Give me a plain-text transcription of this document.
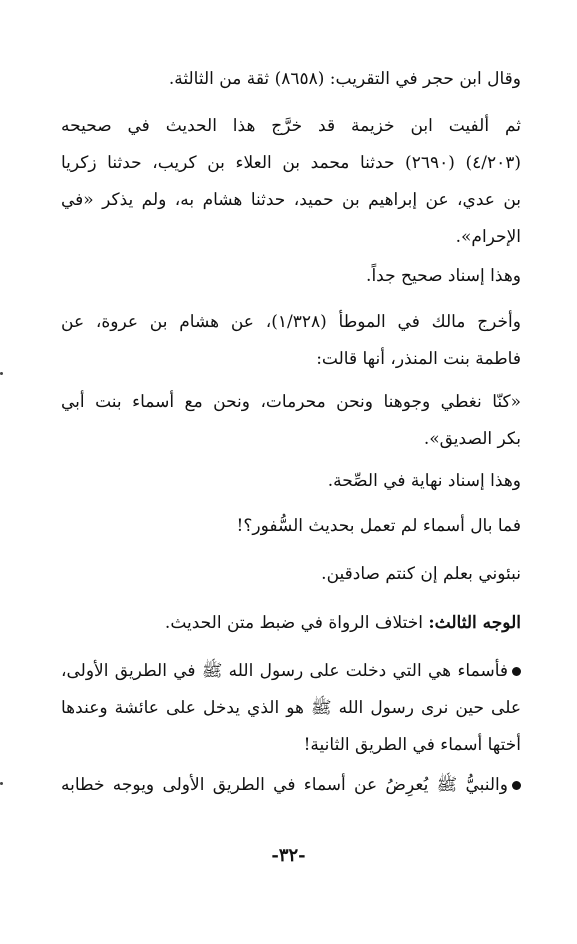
وقال ابن حجر في التقريب: (٨٦٥٨) ثقة من الثالثة.
ثم ألفيت ابن خزيمة قد خرَّج هذا الحديث في صحيحه
(٤/٢٠٣) (٢٦٩٠) حدثنا محمد بن العلاء بن كريب، حدثنا زكريا
بن عدي، عن إبراهيم بن حميد، حدثنا هشام به، ولم يذكر «في
الإحرام».
وهذا إسناد صحيح جداً.
وأخرج مالك في الموطأ (١/٣٢٨)، عن هشام بن عروة، عن
فاطمة بنت المنذر، أنها قالت:
«كنّا نغطي وجوهنا ونحن محرمات، ونحن مع أسماء بنت أبي
بكر الصديق».
وهذا إسناد نهاية في الصِّحة.
فما بال أسماء لم تعمل بحديث السُّفور؟!
نبئوني بعلم إن كنتم صادقين.
الوجه الثالث: اختلاف الرواة في ضبط متن الحديث.
فأسماء هي التي دخلت على رسول الله ﷺ في الطريق الأولى،
على حين نرى رسول الله ﷺ هو الذي يدخل على عائشة وعندها
أختها أسماء في الطريق الثانية!
والنبيُّ ﷺ يُعرِضُ عن أسماء في الطريق الأولى ويوجه خطابه
-٣٢-
